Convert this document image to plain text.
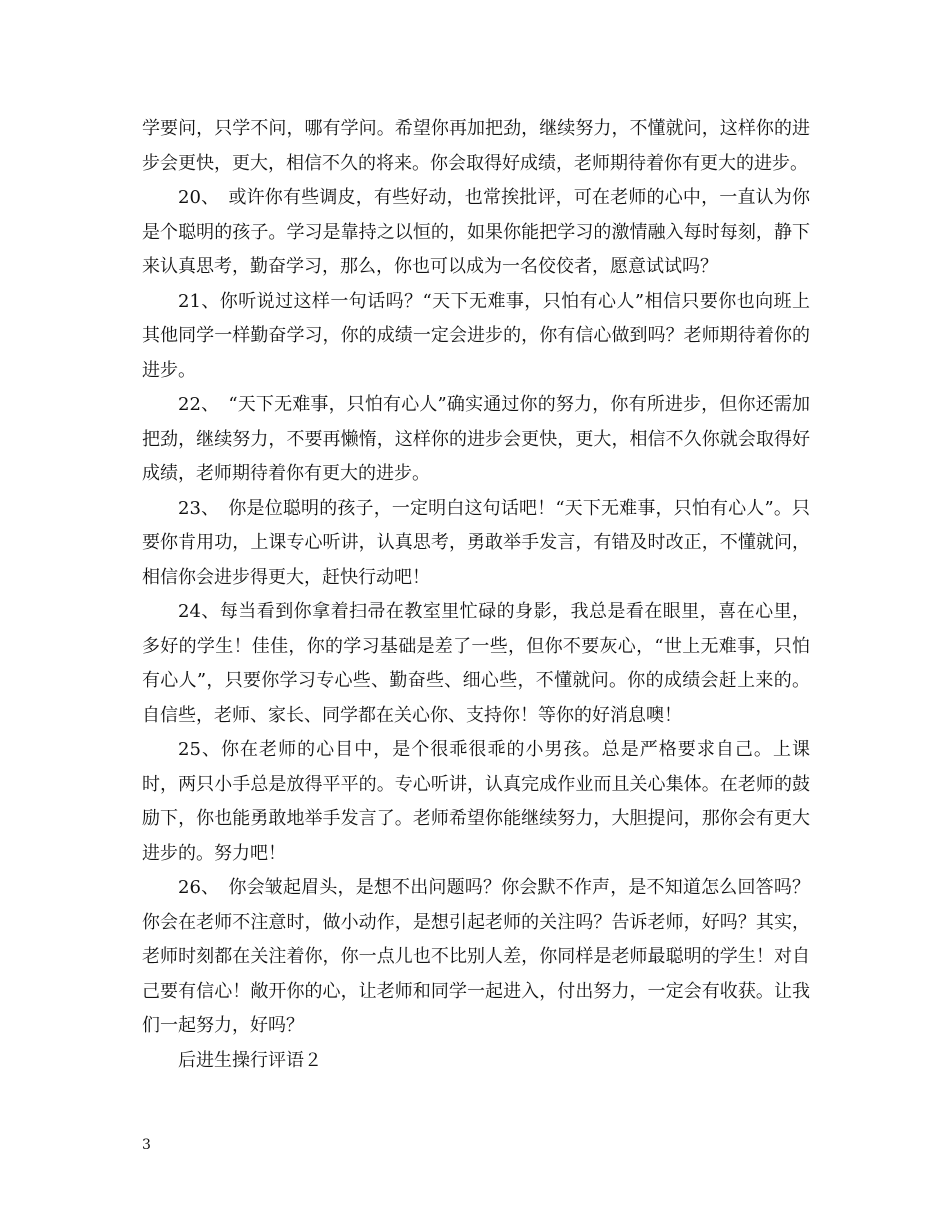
学要问，只学不问，哪有学问。希望你再加把劲，继续努力，不懂就问，这样你的进步会更快，更大，相信不久的将来。你会取得好成绩，老师期待着你有更大的进步。

20、　或许你有些调皮，有些好动，也常挨批评，可在老师的心中，一直认为你是个聪明的孩子。学习是靠持之以恒的，如果你能把学习的激情融入每时每刻，静下来认真思考，勤奋学习，那么，你也可以成为一名佼佼者，愿意试试吗？

21、你听说过这样一句话吗？“天下无难事，只怕有心人”相信只要你也向班上其他同学一样勤奋学习，你的成绩一定会进步的，你有信心做到吗？老师期待着你的进步。

22、　“天下无难事，只怕有心人”确实通过你的努力，你有所进步，但你还需加把劲，继续努力，不要再懒惰，这样你的进步会更快，更大，相信不久你就会取得好成绩，老师期待着你有更大的进步。

23、　你是位聪明的孩子，一定明白这句话吧！“天下无难事，只怕有心人”。只要你肯用功，上课专心听讲，认真思考，勇敢举手发言，有错及时改正，不懂就问，相信你会进步得更大，赶快行动吧！

24、每当看到你拿着扫帚在教室里忙碌的身影，我总是看在眼里，喜在心里，多好的学生！佳佳，你的学习基础是差了一些，但你不要灰心，“世上无难事，只怕有心人”，只要你学习专心些、勤奋些、细心些，不懂就问。你的成绩会赶上来的。自信些，老师、家长、同学都在关心你、支持你！等你的好消息噢！

25、你在老师的心目中，是个很乖很乖的小男孩。总是严格要求自己。上课时，两只小手总是放得平平的。专心听讲，认真完成作业而且关心集体。在老师的鼓励下，你也能勇敢地举手发言了。老师希望你能继续努力，大胆提问，那你会有更大进步的。努力吧！

26、　你会皱起眉头，是想不出问题吗？你会默不作声，是不知道怎么回答吗？你会在老师不注意时，做小动作，是想引起老师的关注吗？告诉老师，好吗？其实，老师时刻都在关注着你，你一点儿也不比别人差，你同样是老师最聪明的学生！对自己要有信心！敞开你的心，让老师和同学一起进入，付出努力，一定会有收获。让我们一起努力，好吗？

后进生操行评语２

3
